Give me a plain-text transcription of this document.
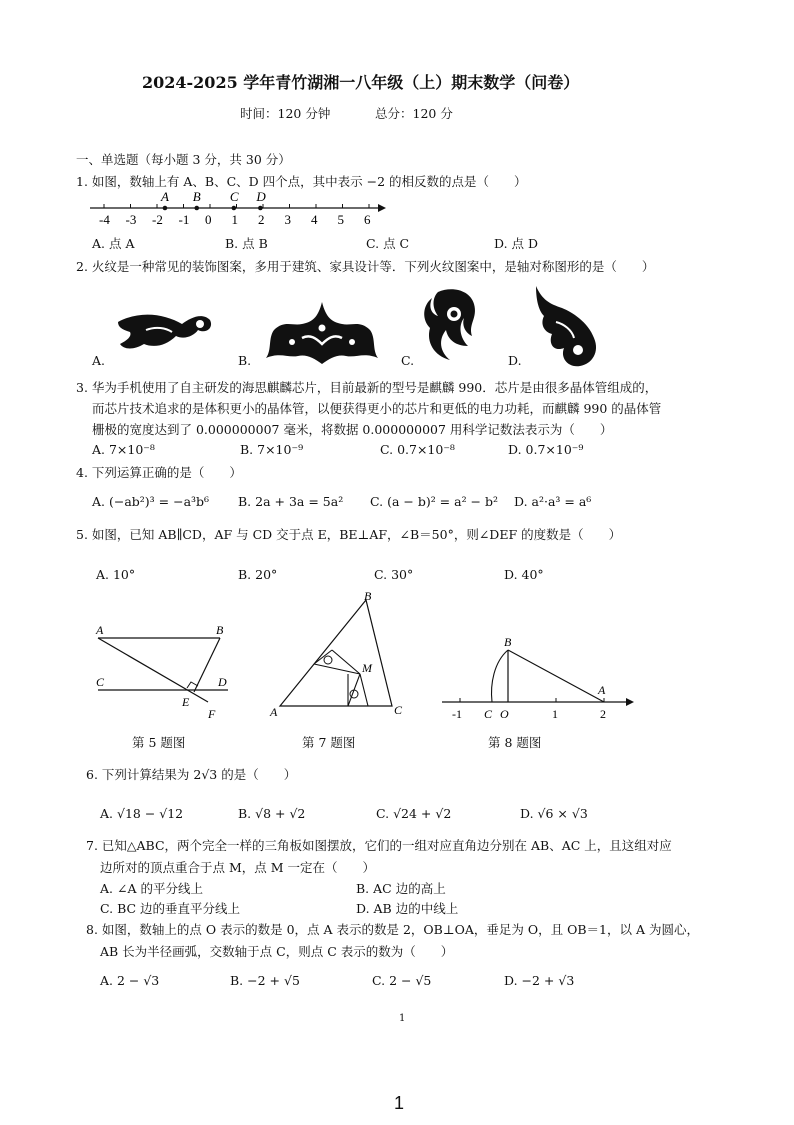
2024-2025 学年青竹湖湘一八年级（上）期末数学（问卷）
时间：120 分钟	总分：120 分
一、单选题（每小题 3 分，共 30 分）
1. 如图，数轴上有 A、B、C、D 四个点，其中表示 −2 的相反数的点是（　　）
-4 -3 -2 -1 0 1 2 3 4 5 6
A B C D
A. 点 A	B. 点 B	C. 点 C	D. 点 D
2. 火纹是一种常见的装饰图案，多用于建筑、家具设计等．下列火纹图案中，是轴对称图形的是（　　）
A.	B.	C.	D.
3. 华为手机使用了自主研发的海思麒麟芯片，目前最新的型号是麒麟 990．芯片是由很多晶体管组成的，
而芯片技术追求的是体积更小的晶体管，以便获得更小的芯片和更低的电力功耗，而麒麟 990 的晶体管
栅极的宽度达到了 0.000000007 毫米，将数据 0.000000007 用科学记数法表示为（　　）
A. 7×10⁻⁸	B. 7×10⁻⁹	C. 0.7×10⁻⁸	D. 0.7×10⁻⁹
4. 下列运算正确的是（　　）
A. (−ab²)³ = −a³b⁶ B. 2a + 3a = 5a² C. (a − b)² = a² − b² D. a²·a³ = a⁶
5. 如图，已知 AB∥CD，AF 与 CD 交于点 E，BE⊥AF，∠B＝50°，则∠DEF 的度数是（　　）
A. 10°	B. 20°	C. 30°	D. 40°
A	B
C	D
E
F
第 5 题图
B
A	C
M
第 7 题图
B
A
-1 C O	1	2
第 8 题图
6. 下列计算结果为 2√3 的是（　　）
A. √18 − √12	B. √8 + √2	C. √24 + √2	D. √6 × √3
7. 已知△ABC，两个完全一样的三角板如图摆放，它们的一组对应直角边分别在 AB、AC 上，且这组对应
边所对的顶点重合于点 M，点 M 一定在（　　）
A. ∠A 的平分线上	B. AC 边的高上
C. BC 边的垂直平分线上	D. AB 边的中线上
8. 如图，数轴上的点 O 表示的数是 0，点 A 表示的数是 2，OB⊥OA，垂足为 O，且 OB＝1，以 A 为圆心，
AB 长为半径画弧，交数轴于点 C，则点 C 表示的数为（　　）
A. 2 − √3	B. −2 + √5	C. 2 − √5	D. −2 + √3
1
1
